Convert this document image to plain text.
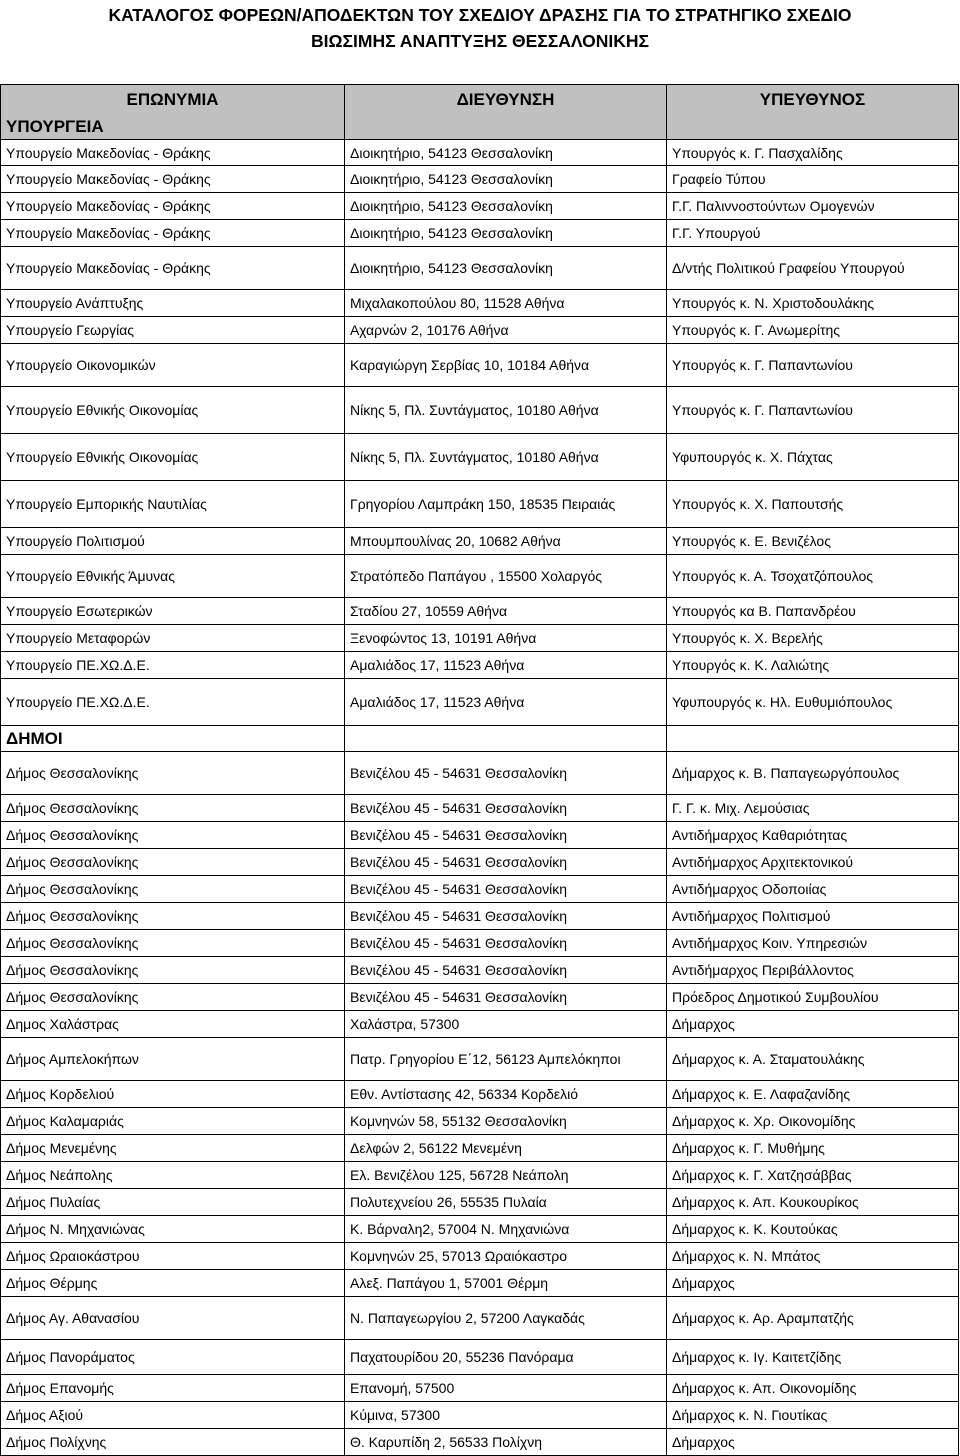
ΚΑΤΑΛΟΓΟΣ ΦΟΡΕΩΝ/ΑΠΟΔΕΚΤΩΝ ΤΟΥ ΣΧΕΔΙΟΥ ΔΡΑΣΗΣ ΓΙΑ ΤΟ ΣΤΡΑΤΗΓΙΚΟ ΣΧΕΔΙΟ
ΒΙΩΣΙΜΗΣ ΑΝΑΠΤΥΞΗΣ ΘΕΣΣΑΛΟΝΙΚΗΣ
ΕΠΩΝΥΜΙΑ	ΔΙΕΥΘΥΝΣΗ	ΥΠΕΥΘΥΝΟΣ
ΥΠΟΥΡΓΕΙΑ		
Υπουργείο Μακεδονίας - Θράκης	Διοικητήριο, 54123 Θεσσαλονίκη	Υπουργός κ. Γ. Πασχαλίδης
Υπουργείο Μακεδονίας - Θράκης	Διοικητήριο, 54123 Θεσσαλονίκη	Γραφείο Τύπου
Υπουργείο Μακεδονίας - Θράκης	Διοικητήριο, 54123 Θεσσαλονίκη	Γ.Γ. Παλιννοστούντων Ομογενών
Υπουργείο Μακεδονίας - Θράκης	Διοικητήριο, 54123 Θεσσαλονίκη	Γ.Γ. Υπουργού
Υπουργείο Μακεδονίας - Θράκης	Διοικητήριο, 54123 Θεσσαλονίκη	Δ/ντής Πολιτικού Γραφείου Υπουργού
Υπουργείο Ανάπτυξης	Μιχαλακοπούλου 80, 11528 Αθήνα	Υπουργός κ. Ν. Χριστοδουλάκης
Υπουργείο Γεωργίας	Αχαρνών 2, 10176 Αθήνα	Υπουργός κ. Γ. Ανωμερίτης
Υπουργείο Οικονομικών	Καραγιώργη Σερβίας 10, 10184 Αθήνα	Υπουργός κ. Γ. Παπαντωνίου
Υπουργείο Εθνικής Οικονομίας	Νίκης 5, Πλ. Συντάγματος, 10180 Αθήνα	Υπουργός κ. Γ. Παπαντωνίου
Υπουργείο Εθνικής Οικονομίας	Νίκης 5, Πλ. Συντάγματος, 10180 Αθήνα	Υφυπουργός κ. Χ. Πάχτας
Υπουργείο Εμπορικής Ναυτιλίας	Γρηγορίου Λαμπράκη 150, 18535 Πειραιάς	Υπουργός κ. Χ. Παπουτσής
Υπουργείο Πολιτισμού	Μπουμπουλίνας 20, 10682 Αθήνα	Υπουργός κ. Ε. Βενιζέλος
Υπουργείο Εθνικής Άμυνας	Στρατόπεδο Παπάγου , 15500 Χολαργός	Υπουργός κ. Α. Τσοχατζόπουλος
Υπουργείο Εσωτερικών	Σταδίου 27, 10559 Αθήνα	Υπουργός κα Β. Παπανδρέου
Υπουργείο Μεταφορών	Ξενοφώντος 13, 10191 Αθήνα	Υπουργός κ. Χ. Βερελής
Υπουργείο ΠΕ.ΧΩ.Δ.Ε.	Αμαλιάδος 17, 11523 Αθήνα	Υπουργός κ. Κ. Λαλιώτης
Υπουργείο ΠΕ.ΧΩ.Δ.Ε.	Αμαλιάδος 17, 11523 Αθήνα	Υφυπουργός κ. Ηλ. Ευθυμιόπουλος
ΔΗΜΟΙ		
Δήμος Θεσσαλονίκης	Βενιζέλου 45 - 54631 Θεσσαλονίκη	Δήμαρχος κ. Β. Παπαγεωργόπουλος
Δήμος Θεσσαλονίκης	Βενιζέλου 45 - 54631 Θεσσαλονίκη	Γ. Γ. κ. Μιχ. Λεμούσιας
Δήμος Θεσσαλονίκης	Βενιζέλου 45 - 54631 Θεσσαλονίκη	Αντιδήμαρχος Καθαριότητας
Δήμος Θεσσαλονίκης	Βενιζέλου 45 - 54631 Θεσσαλονίκη	Αντιδήμαρχος Αρχιτεκτονικού
Δήμος Θεσσαλονίκης	Βενιζέλου 45 - 54631 Θεσσαλονίκη	Αντιδήμαρχος Οδοποιίας
Δήμος Θεσσαλονίκης	Βενιζέλου 45 - 54631 Θεσσαλονίκη	Αντιδήμαρχος Πολιτισμού
Δήμος Θεσσαλονίκης	Βενιζέλου 45 - 54631 Θεσσαλονίκη	Αντιδήμαρχος Κοιν. Υπηρεσιών
Δήμος Θεσσαλονίκης	Βενιζέλου 45 - 54631 Θεσσαλονίκη	Αντιδήμαρχος Περιβάλλοντος
Δήμος Θεσσαλονίκης	Βενιζέλου 45 - 54631 Θεσσαλονίκη	Πρόεδρος Δημοτικού Συμβουλίου
Δημος Χαλάστρας	Χαλάστρα, 57300	Δήμαρχος
Δήμος Αμπελοκήπων	Πατρ. Γρηγορίου Ε΄12, 56123 Αμπελόκηποι	Δήμαρχος κ. Α. Σταματουλάκης
Δήμος Κορδελιού	Εθν. Αντίστασης 42, 56334 Κορδελιό	Δήμαρχος κ. Ε. Λαφαζανίδης
Δήμος Καλαμαριάς	Κομνηνών 58, 55132 Θεσσαλονίκη	Δήμαρχος κ. Χρ. Οικονομίδης
Δήμος Μενεμένης	Δελφών 2, 56122 Μενεμένη	Δήμαρχος κ. Γ. Μυθήμης
Δήμος Νεάπολης	Ελ. Βενιζέλου 125, 56728 Νεάπολη	Δήμαρχος κ. Γ. Χατζησάββας
Δήμος Πυλαίας	Πολυτεχνείου 26, 55535 Πυλαία	Δήμαρχος κ. Απ. Κουκουρίκος
Δήμος Ν. Μηχανιώνας	Κ. Βάρναλη2, 57004 Ν. Μηχανιώνα	Δήμαρχος κ. Κ. Κουτούκας
Δήμος Ωραιοκάστρου	Κομνηνών 25, 57013 Ωραιόκαστρο	Δήμαρχος κ. Ν. Μπάτος
Δήμος Θέρμης	Αλεξ. Παπάγου 1, 57001 Θέρμη	Δήμαρχος
Δήμος Αγ. Αθανασίου	Ν. Παπαγεωργίου 2, 57200 Λαγκαδάς	Δήμαρχος κ. Αρ. Αραμπατζής
Δήμος Πανοράματος	Παχατουρίδου 20, 55236 Πανόραμα	Δήμαρχος κ. Ιγ. Καιτετζίδης
Δήμος Επανομής	Επανομή, 57500	Δήμαρχος κ. Απ. Οικονομίδης
Δήμος Αξιού	Κύμινα, 57300	Δήμαρχος κ. Ν. Γιουτίκας
Δήμος Πολίχνης	Θ. Καρυπίδη 2, 56533 Πολίχνη	Δήμαρχος
